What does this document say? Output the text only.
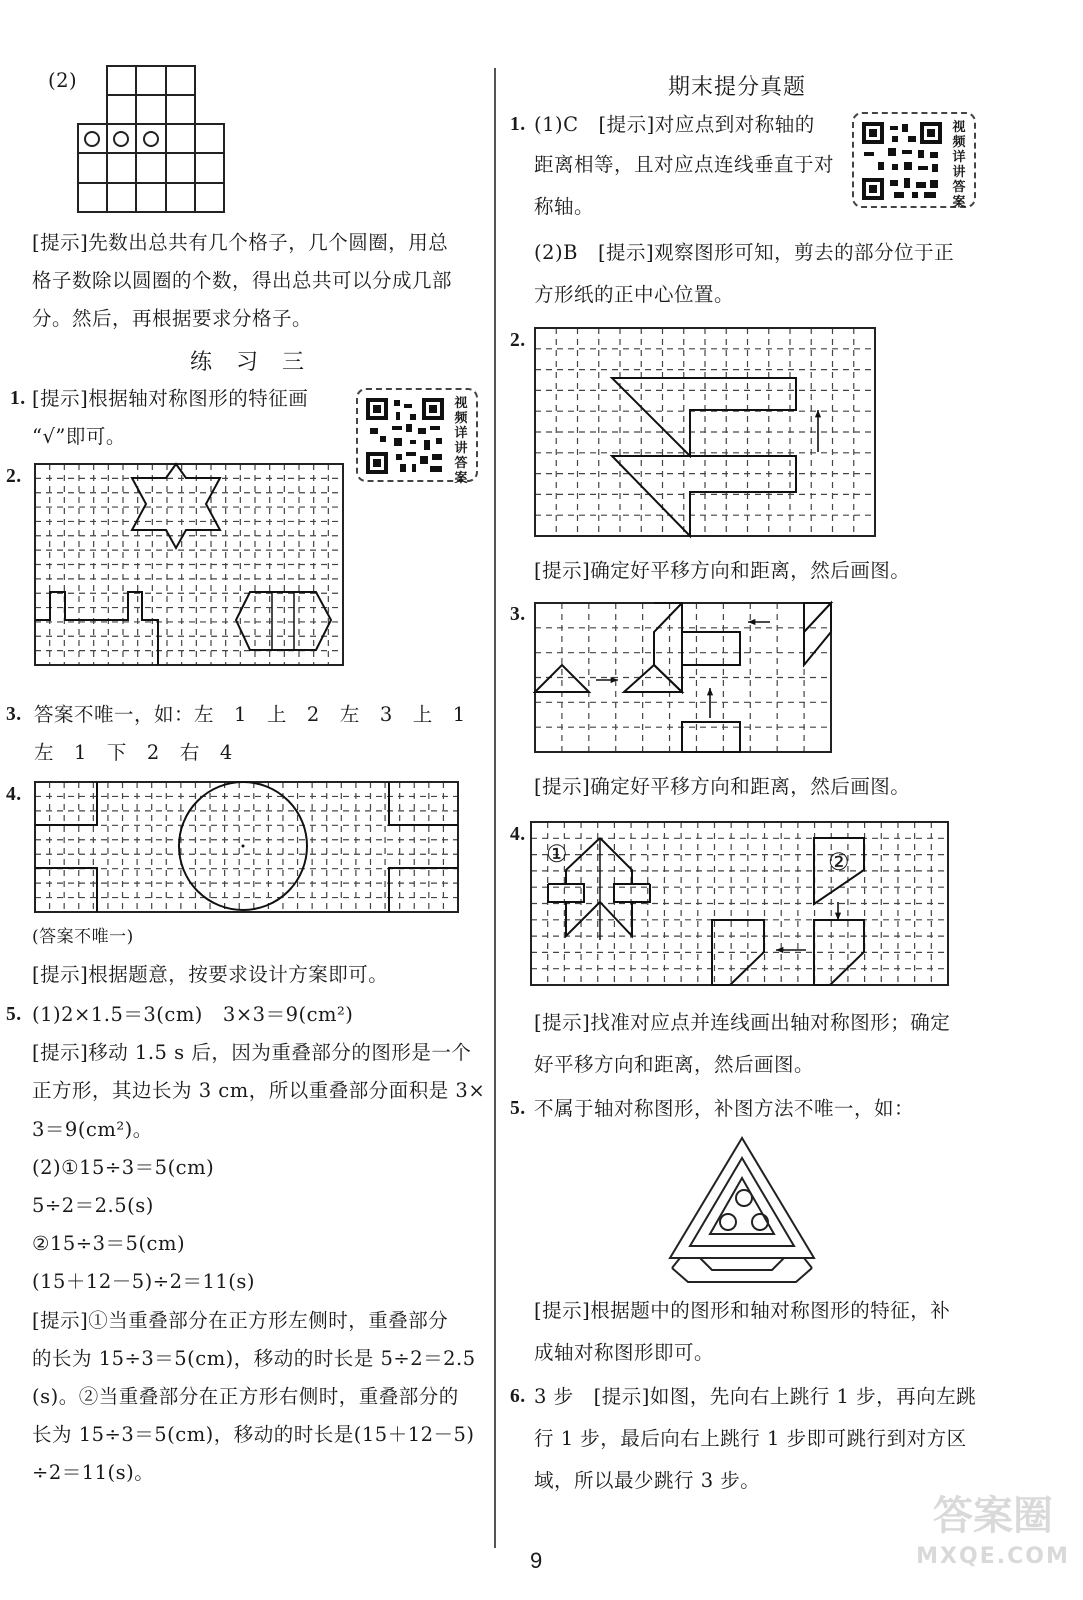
(2)
[提示]先数出总共有几个格子，几个圆圈，用总
格子数除以圆圈的个数，得出总共可以分成几部
分。然后，再根据要求分格子。
练　习　三
1. [提示]根据轴对称图形的特征画
“√”即可。
视频详讲答案
2.
3. 答案不唯一，如：左　1　上　2　左　3　上　1
左　1　下　2　右　4
4.
(答案不唯一)
[提示]根据题意，按要求设计方案即可。
5. (1)2×1.5＝3(cm)　3×3＝9(cm²)
[提示]移动 1.5 s 后，因为重叠部分的图形是一个
正方形，其边长为 3 cm，所以重叠部分面积是 3×
3＝9(cm²)。
(2)①15÷3＝5(cm)
5÷2＝2.5(s)
②15÷3＝5(cm)
(15＋12－5)÷2＝11(s)
[提示]①当重叠部分在正方形左侧时，重叠部分
的长为 15÷3＝5(cm)，移动的时长是 5÷2＝2.5
(s)。②当重叠部分在正方形右侧时，重叠部分的
长为 15÷3＝5(cm)，移动的时长是(15＋12－5)
÷2＝11(s)。
期末提分真题
1. (1)C　[提示]对应点到对称轴的
距离相等，且对应点连线垂直于对
称轴。
(2)B　[提示]观察图形可知，剪去的部分位于正
方形纸的正中心位置。
视频详讲答案
2.
[提示]确定好平移方向和距离，然后画图。
3.
[提示]确定好平移方向和距离，然后画图。
4.
①	②
[提示]找准对应点并连线画出轴对称图形；确定
好平移方向和距离，然后画图。
5. 不属于轴对称图形，补图方法不唯一，如：
[提示]根据题中的图形和轴对称图形的特征，补
成轴对称图形即可。
6. 3 步　[提示]如图，先向右上跳行 1 步，再向左跳
行 1 步，最后向右上跳行 1 步即可跳行到对方区
域，所以最少跳行 3 步。
9
答案圈
MXQE.COM
